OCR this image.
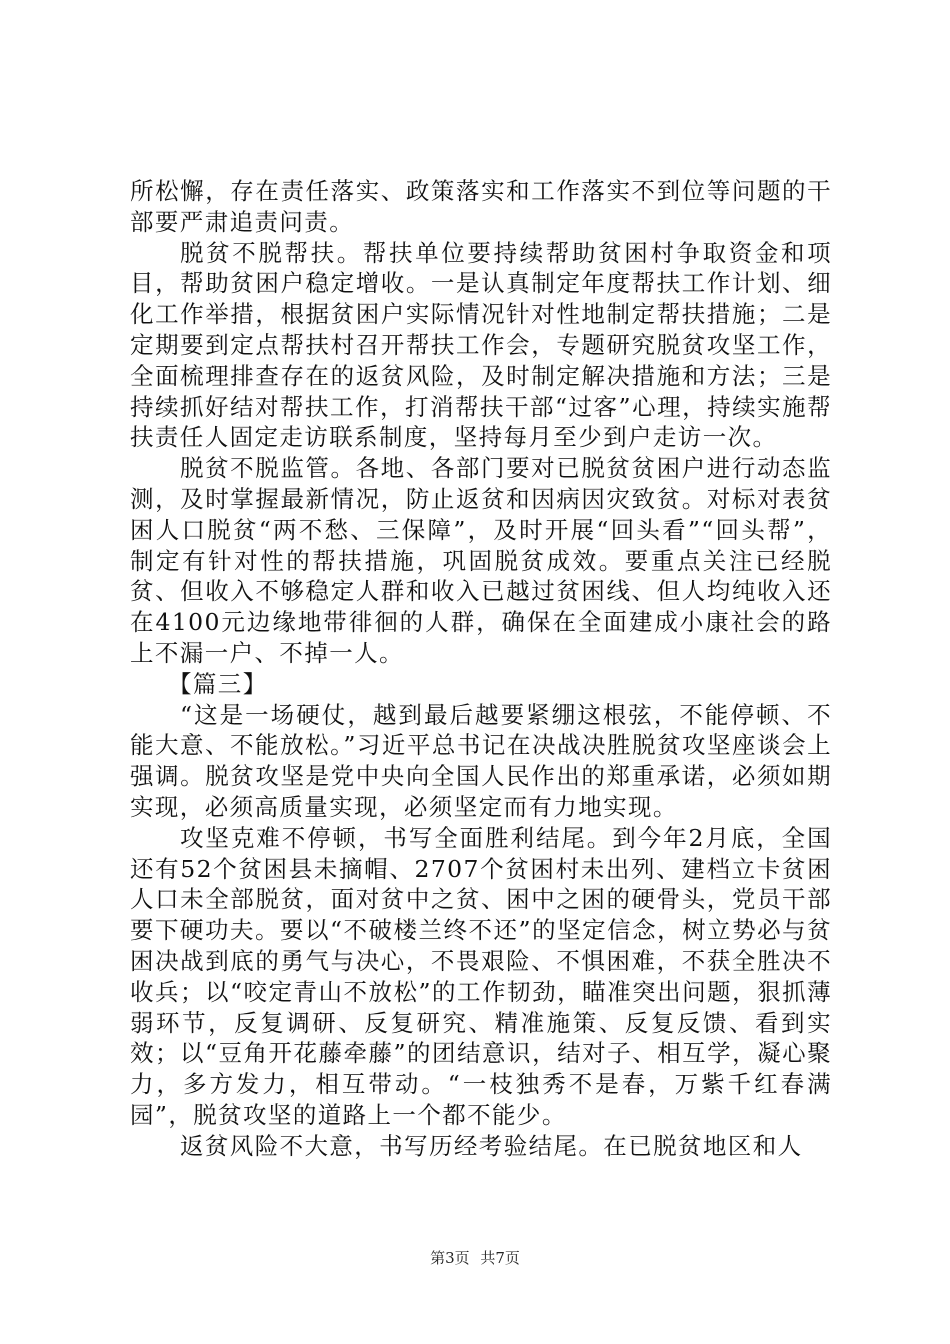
所松懈，存在责任落实、政策落实和工作落实不到位等问题的干部要严肃追责问责。

脱贫不脱帮扶。帮扶单位要持续帮助贫困村争取资金和项目，帮助贫困户稳定增收。一是认真制定年度帮扶工作计划、细化工作举措，根据贫困户实际情况针对性地制定帮扶措施；二是定期要到定点帮扶村召开帮扶工作会，专题研究脱贫攻坚工作，全面梳理排查存在的返贫风险，及时制定解决措施和方法；三是持续抓好结对帮扶工作，打消帮扶干部“过客”心理，持续实施帮扶责任人固定走访联系制度，坚持每月至少到户走访一次。

脱贫不脱监管。各地、各部门要对已脱贫贫困户进行动态监测，及时掌握最新情况，防止返贫和因病因灾致贫。对标对表贫困人口脱贫“两不愁、三保障”，及时开展“回头看”“回头帮”，制定有针对性的帮扶措施，巩固脱贫成效。要重点关注已经脱贫、但收入不够稳定人群和收入已越过贫困线、但人均纯收入还在4100元边缘地带徘徊的人群，确保在全面建成小康社会的路上不漏一户、不掉一人。

【篇三】

“这是一场硬仗，越到最后越要紧绷这根弦，不能停顿、不能大意、不能放松。”习近平总书记在决战决胜脱贫攻坚座谈会上强调。脱贫攻坚是党中央向全国人民作出的郑重承诺，必须如期实现，必须高质量实现，必须坚定而有力地实现。

攻坚克难不停顿，书写全面胜利结尾。到今年2月底，全国还有52个贫困县未摘帽、2707个贫困村未出列、建档立卡贫困人口未全部脱贫，面对贫中之贫、困中之困的硬骨头，党员干部要下硬功夫。要以“不破楼兰终不还”的坚定信念，树立势必与贫困决战到底的勇气与决心，不畏艰险、不惧困难，不获全胜决不收兵；以“咬定青山不放松”的工作韧劲，瞄准突出问题，狠抓薄弱环节，反复调研、反复研究、精准施策、反复反馈、看到实效；以“豆角开花藤牵藤”的团结意识，结对子、相互学，凝心聚力，多方发力，相互带动。“一枝独秀不是春，万紫千红春满园”，脱贫攻坚的道路上一个都不能少。

返贫风险不大意，书写历经考验结尾。在已脱贫地区和人

第3页 共7页
